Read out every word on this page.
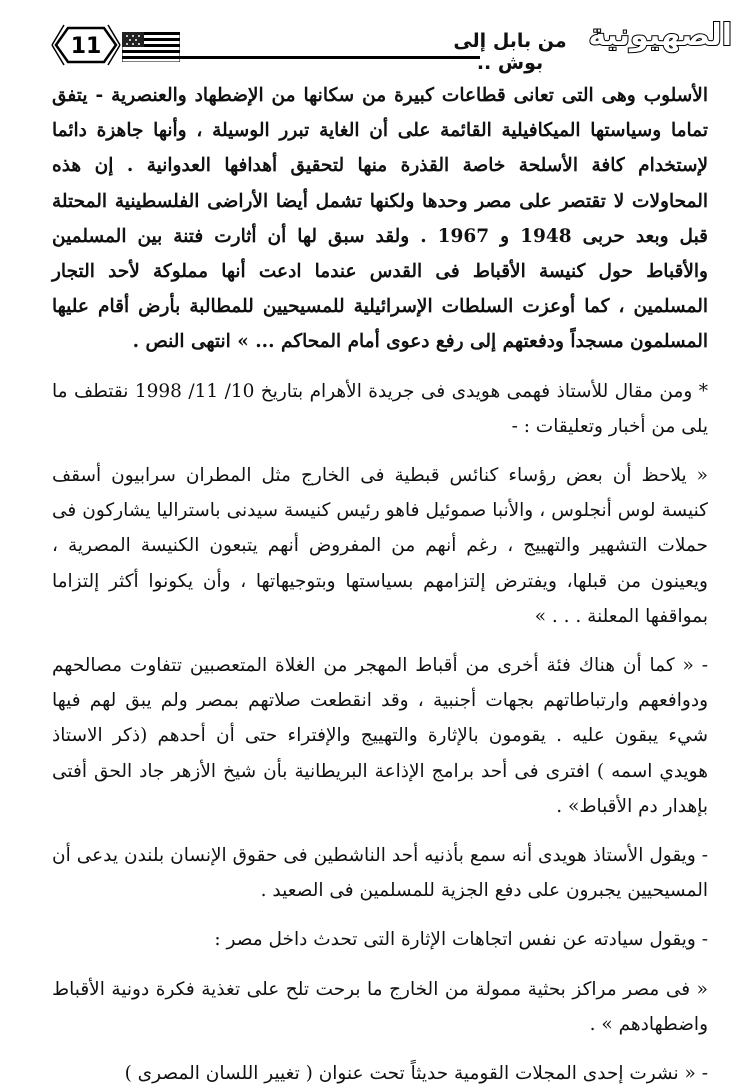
11	من بابل إلى بوش ..
الصهيونية

الأسلوب وهى التى تعانى قطاعات كبيرة من سكانها من الإضطهاد والعنصرية - يتفق تماما وسياستها الميكافيلية القائمة على أن الغاية تبرر الوسيلة ، وأنها جاهزة دائما لإستخدام كافة الأسلحة خاصة القذرة منها لتحقيق أهدافها العدوانية . إن هذه المحاولات لا تقتصر على مصر وحدها ولكنها تشمل أيضا الأراضى الفلسطينية المحتلة قبل وبعد حربى 1948 و 1967 . ولقد سبق لها أن أثارت فتنة بين المسلمين والأقباط حول كنيسة الأقباط فى القدس عندما ادعت أنها مملوكة لأحد التجار المسلمين ، كما أوعزت السلطات الإسرائيلية للمسيحيين للمطالبة بأرض أقام عليها المسلمون مسجداً ودفعتهم إلى رفع دعوى أمام المحاكم ... » انتهى النص .

* ومن مقال للأستاذ فهمى هويدى فى جريدة الأهرام بتاريخ 10/ 11/ 1998 نقتطف ما يلى من أخبار وتعليقات : -

« يلاحظ أن بعض رؤساء كنائس قبطية فى الخارج مثل المطران سرابيون أسقف كنيسة لوس أنجلوس ، والأنبا صموئيل فاهو رئيس كنيسة سيدنى باستراليا يشاركون فى حملات التشهير والتهييج ، رغم أنهم من المفروض أنهم يتبعون الكنيسة المصرية ، ويعينون من قبلها، ويفترض إلتزامهم بسياستها وبتوجيهاتها ، وأن يكونوا أكثر إلتزاما بمواقفها المعلنة . . . »

- « كما أن هناك فئة أخرى من أقباط المهجر من الغلاة المتعصبين تتفاوت مصالحهم ودوافعهم وارتباطاتهم بجهات أجنبية ، وقد انقطعت صلاتهم بمصر ولم يبق لهم فيها شيء يبقون عليه . يقومون بالإثارة والتهييج والإفتراء حتى أن أحدهم (ذكر الاستاذ هويدي اسمه ) افترى فى أحد برامج الإذاعة البريطانية بأن شيخ الأزهر جاد الحق أفتى بإهدار دم الأقباط» .

- ويقول الأستاذ هويدى أنه سمع بأذنيه أحد الناشطين فى حقوق الإنسان بلندن يدعى أن المسيحيين يجبرون على دفع الجزية للمسلمين فى الصعيد .

- ويقول سيادته عن نفس اتجاهات الإثارة التى تحدث داخل مصر :

« فى مصر مراكز بحثية ممولة من الخارج ما برحت تلح على تغذية فكرة دونية الأقباط واضطهادهم » .

- « نشرت إحدى المجلات القومية حديثاً تحت عنوان ( تغيير اللسان المصرى )
